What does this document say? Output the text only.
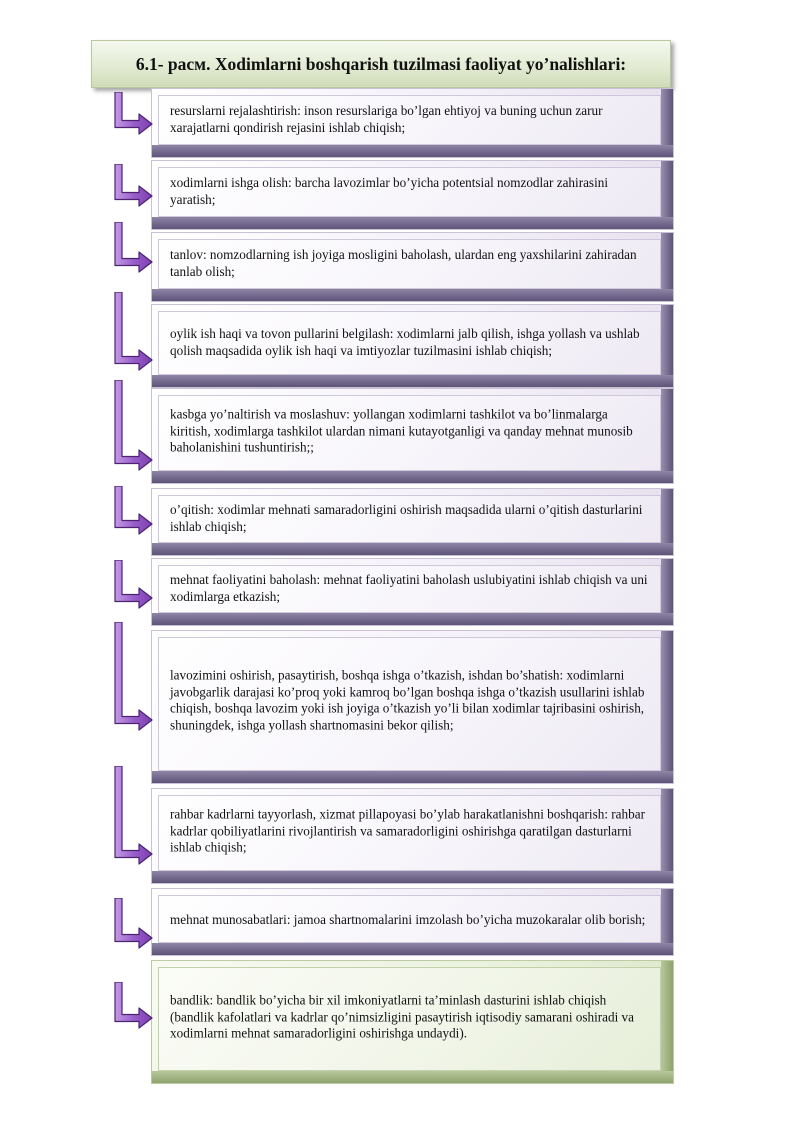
6.1- расм. Xodimlarni boshqarish tuzilmasi faoliyat yo’nalishlari:
resurslarni rejalashtirish: inson resurslariga bo’lgan ehtiyoj va buning uchun zarur xarajatlarni qondirish rejasini ishlab chiqish;
xodimlarni ishga olish: barcha lavozimlar bo’yicha potentsial nomzodlar zahirasini yaratish;
tanlov: nomzodlarning ish joyiga mosligini baholash, ulardan eng yaxshilarini zahiradan tanlab olish;
oylik ish haqi va tovon pullarini belgilash: xodimlarni jalb qilish, ishga yollash va ushlab qolish maqsadida oylik ish haqi va imtiyozlar tuzilmasini ishlab chiqish;
kasbga yo’naltirish va moslashuv: yollangan xodimlarni tashkilot va bo’linmalarga kiritish, xodimlarga tashkilot ulardan nimani kutayotganligi va qanday mehnat munosib baholanishini tushuntirish;;
o’qitish: xodimlar mehnati samaradorligini oshirish maqsadida ularni o’qitish dasturlarini ishlab chiqish;
mehnat faoliyatini baholash: mehnat faoliyatini baholash uslubiyatini ishlab chiqish va uni xodimlarga etkazish;
lavozimini oshirish, pasaytirish, boshqa ishga o’tkazish, ishdan bo’shatish: xodimlarni javobgarlik darajasi ko’proq yoki kamroq bo’lgan boshqa ishga o’tkazish usullarini ishlab chiqish, boshqa lavozim yoki ish joyiga o’tkazish yo’li bilan xodimlar tajribasini oshirish, shuningdek, ishga yollash shartnomasini bekor qilish;
rahbar kadrlarni tayyorlash, xizmat pillapoyasi bo’ylab harakatlanishni boshqarish: rahbar kadrlar qobiliyatlarini rivojlantirish va samaradorligini oshirishga qaratilgan dasturlarni ishlab chiqish;
mehnat munosabatlari: jamoa shartnomalarini imzolash bo’yicha muzokaralar olib borish;
bandlik: bandlik bo’yicha bir xil imkoniyatlarni ta’minlash dasturini ishlab chiqish (bandlik kafolatlari va kadrlar qo’nimsizligini pasaytirish iqtisodiy samarani oshiradi va xodimlarni mehnat samaradorligini oshirishga undaydi).
